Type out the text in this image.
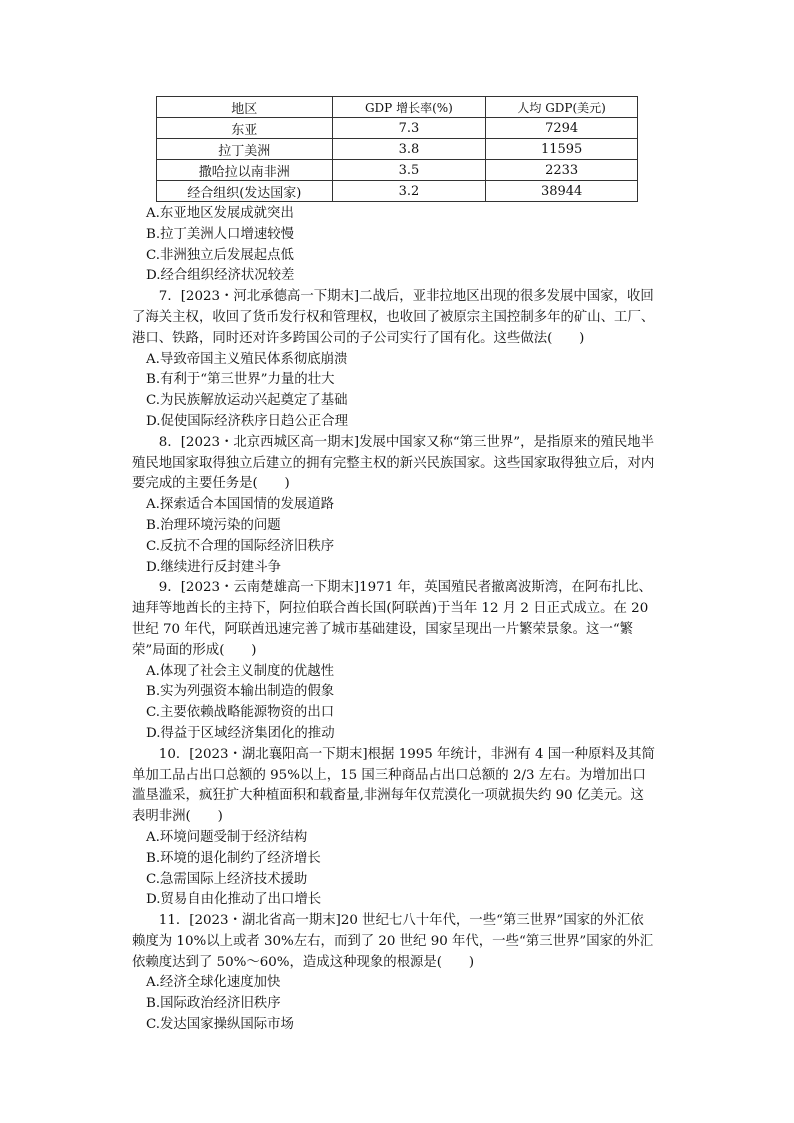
地区	GDP 增长率(%)	人均 GDP(美元)
东亚	7.3	7294
拉丁美洲	3.8	11595
撒哈拉以南非洲	3.5	2233
经合组织(发达国家)	3.2	38944

A.东亚地区发展成就突出

B.拉丁美洲人口增速较慢

C.非洲独立后发展起点低

D.经合组织经济状况较差

7．[2023・河北承德高一下期末]二战后，亚非拉地区出现的很多发展中国家，收回了海关主权，收回了货币发行权和管理权，也收回了被原宗主国控制多年的矿山、工厂、港口、铁路，同时还对许多跨国公司的子公司实行了国有化。这些做法(　　)

A.导致帝国主义殖民体系彻底崩溃

B.有利于“第三世界”力量的壮大

C.为民族解放运动兴起奠定了基础

D.促使国际经济秩序日趋公正合理

8．[2023・北京西城区高一期末]发展中国家又称“第三世界”，是指原来的殖民地半殖民地国家取得独立后建立的拥有完整主权的新兴民族国家。这些国家取得独立后，对内要完成的主要任务是(　　)

A.探索适合本国国情的发展道路

B.治理环境污染的问题

C.反抗不合理的国际经济旧秩序

D.继续进行反封建斗争

9．[2023・云南楚雄高一下期末]1971 年，英国殖民者撤离波斯湾，在阿布扎比、迪拜等地酋长的主持下，阿拉伯联合酋长国(阿联酋)于当年 12 月 2 日正式成立。在 20 世纪 70 年代，阿联酋迅速完善了城市基础建设，国家呈现出一片繁荣景象。这一“繁荣”局面的形成(　　)

A.体现了社会主义制度的优越性

B.实为列强资本输出制造的假象

C.主要依赖战略能源物资的出口

D.得益于区域经济集团化的推动

10．[2023・湖北襄阳高一下期末]根据 1995 年统计，非洲有 4 国一种原料及其简单加工品占出口总额的 95%以上，15 国三种商品占出口总额的 2/3 左右。为增加出口滥垦滥采，疯狂扩大种植面积和载畜量,非洲每年仅荒漠化一项就损失约 90 亿美元。这表明非洲(　　)

A.环境问题受制于经济结构

B.环境的退化制约了经济增长

C.急需国际上经济技术援助

D.贸易自由化推动了出口增长

11．[2023・湖北省高一期末]20 世纪七八十年代，一些“第三世界”国家的外汇依赖度为 10%以上或者 30%左右，而到了 20 世纪 90 年代，一些“第三世界”国家的外汇依赖度达到了 50%～60%，造成这种现象的根源是(　　)

A.经济全球化速度加快

B.国际政治经济旧秩序

C.发达国家操纵国际市场
